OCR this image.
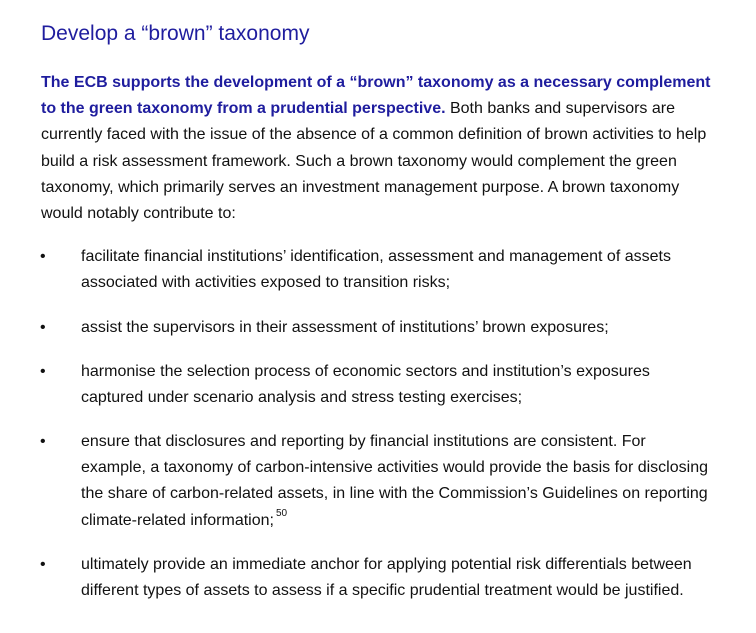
Develop a “brown” taxonomy

The ECB supports the development of a “brown” taxonomy as a necessary complement to the green taxonomy from a prudential perspective. Both banks and supervisors are currently faced with the issue of the absence of a common definition of brown activities to help build a risk assessment framework. Such a brown taxonomy would complement the green taxonomy, which primarily serves an investment management purpose. A brown taxonomy would notably contribute to:

• facilitate financial institutions’ identification, assessment and management of assets associated with activities exposed to transition risks;
• assist the supervisors in their assessment of institutions’ brown exposures;
• harmonise the selection process of economic sectors and institution’s exposures captured under scenario analysis and stress testing exercises;
• ensure that disclosures and reporting by financial institutions are consistent. For example, a taxonomy of carbon-intensive activities would provide the basis for disclosing the share of carbon-related assets, in line with the Commission’s Guidelines on reporting climate-related information; $^{50}$
• ultimately provide an immediate anchor for applying potential risk differentials between different types of assets to assess if a specific prudential treatment would be justified.
